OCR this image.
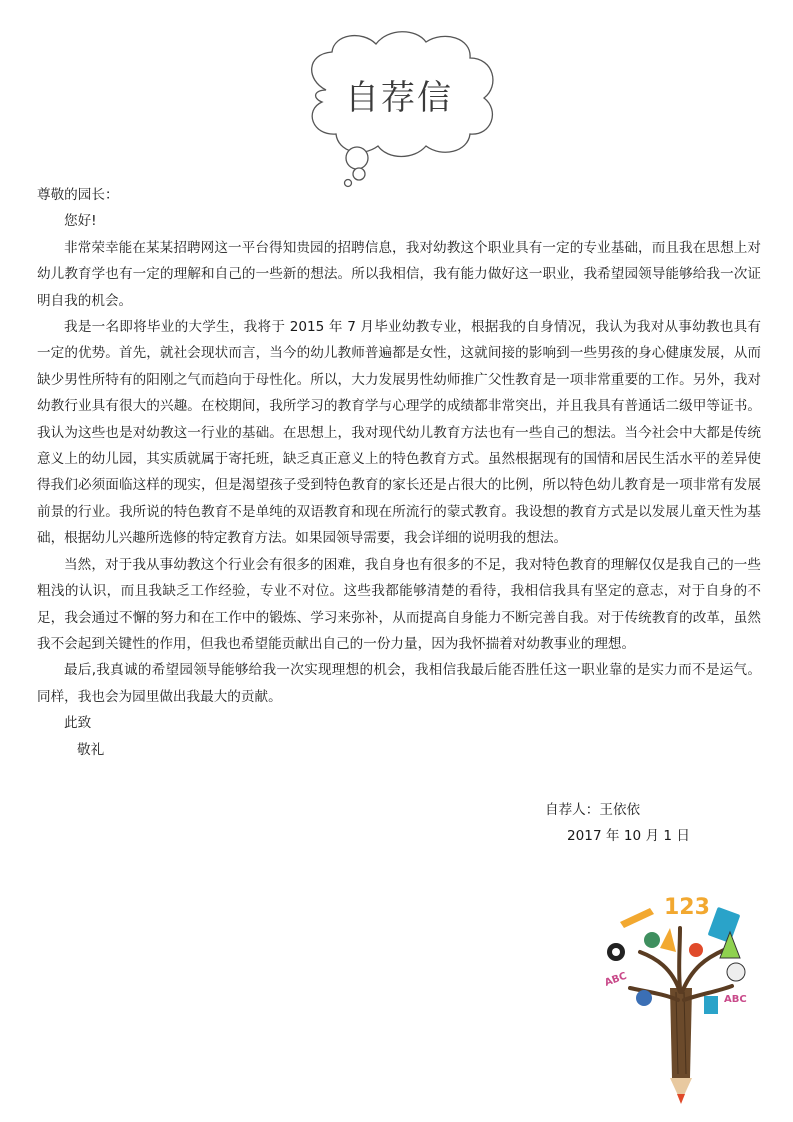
自荐信

尊敬的园长：

您好!

非常荣幸能在某某招聘网这一平台得知贵园的招聘信息，我对幼教这个职业具有一定的专业基础，而且我在思想上对幼儿教育学也有一定的理解和自己的一些新的想法。所以我相信，我有能力做好这一职业，我希望园领导能够给我一次证明自我的机会。

我是一名即将毕业的大学生，我将于 2015 年 7 月毕业幼教专业，根据我的自身情况，我认为我对从事幼教也具有一定的优势。首先，就社会现状而言，当今的幼儿教师普遍都是女性，这就间接的影响到一些男孩的身心健康发展，从而缺少男性所特有的阳刚之气而趋向于母性化。所以，大力发展男性幼师推广父性教育是一项非常重要的工作。另外，我对幼教行业具有很大的兴趣。在校期间，我所学习的教育学与心理学的成绩都非常突出，并且我具有普通话二级甲等证书。我认为这些也是对幼教这一行业的基础。在思想上，我对现代幼儿教育方法也有一些自己的想法。当今社会中大都是传统意义上的幼儿园，其实质就属于寄托班，缺乏真正意义上的特色教育方式。虽然根据现有的国情和居民生活水平的差异使得我们必须面临这样的现实，但是渴望孩子受到特色教育的家长还是占很大的比例，所以特色幼儿教育是一项非常有发展前景的行业。我所说的特色教育不是单纯的双语教育和现在所流行的蒙式教育。我设想的教育方式是以发展儿童天性为基础，根据幼儿兴趣所选修的特定教育方法。如果园领导需要，我会详细的说明我的想法。

当然，对于我从事幼教这个行业会有很多的困难，我自身也有很多的不足，我对特色教育的理解仅仅是我自己的一些粗浅的认识，而且我缺乏工作经验，专业不对位。这些我都能够清楚的看待，我相信我具有坚定的意志，对于自身的不足，我会通过不懈的努力和在工作中的锻炼、学习来弥补，从而提高自身能力不断完善自我。对于传统教育的改革，虽然我不会起到关键性的作用，但我也希望能贡献出自己的一份力量，因为我怀揣着对幼教事业的理想。

最后,我真诚的希望园领导能够给我一次实现理想的机会，我相信我最后能否胜任这一职业靠的是实力而不是运气。同样，我也会为园里做出我最大的贡献。

此致

敬礼

自荐人：王依依
2017 年 10 月 1 日
123
ABC
ABC
